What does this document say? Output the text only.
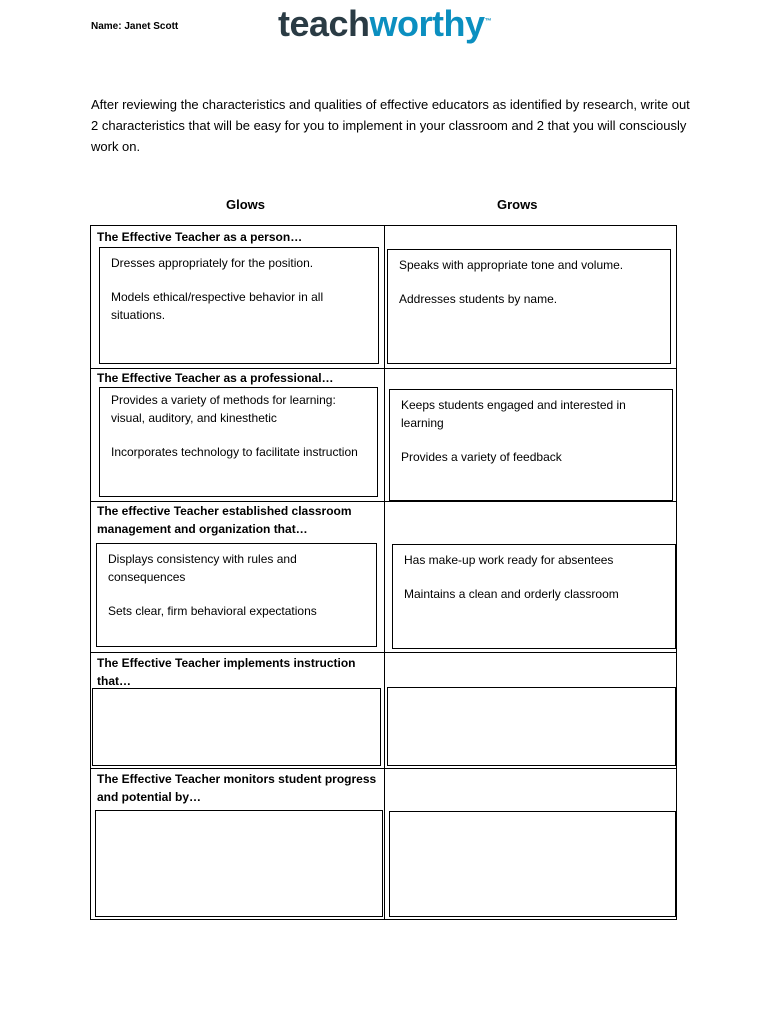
Name: Janet Scott	teachworthy™
After reviewing the characteristics and qualities of effective educators as identified by research, write out 2 characteristics that will be easy for you to implement in your classroom and 2 that you will consciously work on.
Glows	Grows
The Effective Teacher as a person…

Dresses appropriately for the position.

Models ethical/respective behavior in all situations.

Speaks with appropriate tone and volume.

Addresses students by name.

The Effective Teacher as a professional…

Provides a variety of methods for learning: visual, auditory, and kinesthetic

Incorporates technology to facilitate instruction

Keeps students engaged and interested in learning

Provides a variety of feedback

The effective Teacher established classroom management and organization that…

Displays consistency with rules and consequences

Sets clear, firm behavioral expectations

Has make-up work ready for absentees

Maintains a clean and orderly classroom

The Effective Teacher implements instruction that…
The Effective Teacher monitors student progress and potential by…
